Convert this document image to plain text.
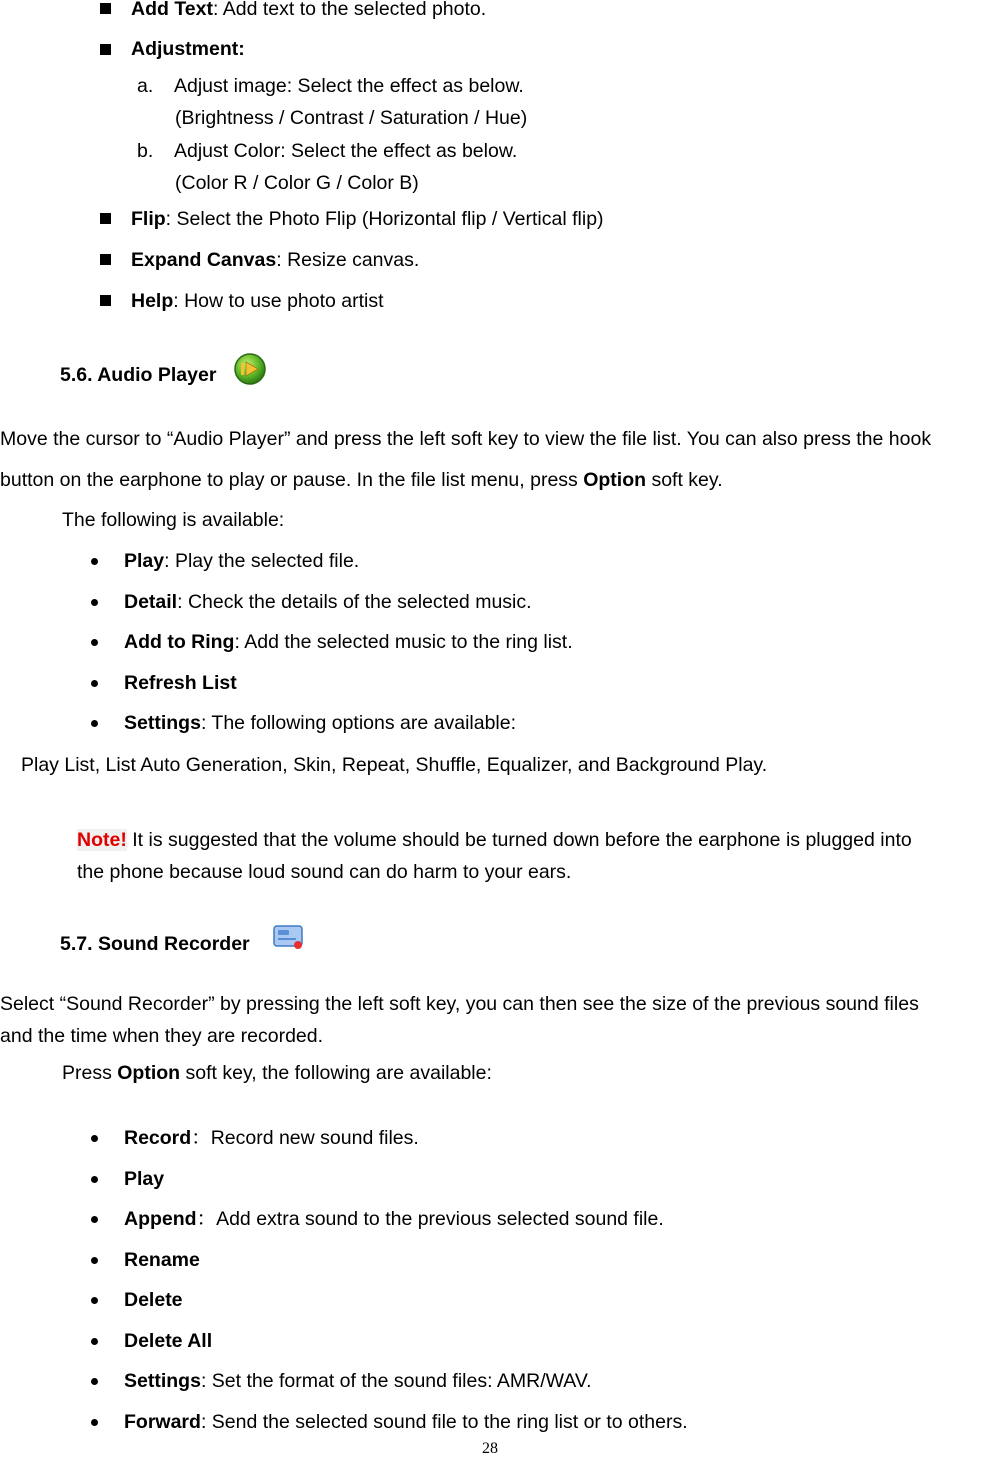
Add Text: Add text to the selected photo.
Adjustment:
a. Adjust image: Select the effect as below.
(Brightness / Contrast / Saturation / Hue)
b. Adjust Color: Select the effect as below.
(Color R / Color G / Color B)
Flip: Select the Photo Flip (Horizontal flip / Vertical flip)
Expand Canvas: Resize canvas.
Help: How to use photo artist
5.6. Audio Player
Move the cursor to “Audio Player” and press the left soft key to view the file list. You can also press the hook
button on the earphone to play or pause. In the file list menu, press Option soft key.
The following is available:
Play: Play the selected file.
Detail: Check the details of the selected music.
Add to Ring: Add the selected music to the ring list.
Refresh List
Settings: The following options are available:
Play List, List Auto Generation, Skin, Repeat, Shuffle, Equalizer, and Background Play.
Note! It is suggested that the volume should be turned down before the earphone is plugged into
the phone because loud sound can do harm to your ears.
5.7. Sound Recorder
Select “Sound Recorder” by pressing the left soft key, you can then see the size of the previous sound files
and the time when they are recorded.
Press Option soft key, the following are available:
Record：Record new sound files.
Play
Append：Add extra sound to the previous selected sound file.
Rename
Delete
Delete All
Settings: Set the format of the sound files: AMR/WAV.
Forward: Send the selected sound file to the ring list or to others.
28
